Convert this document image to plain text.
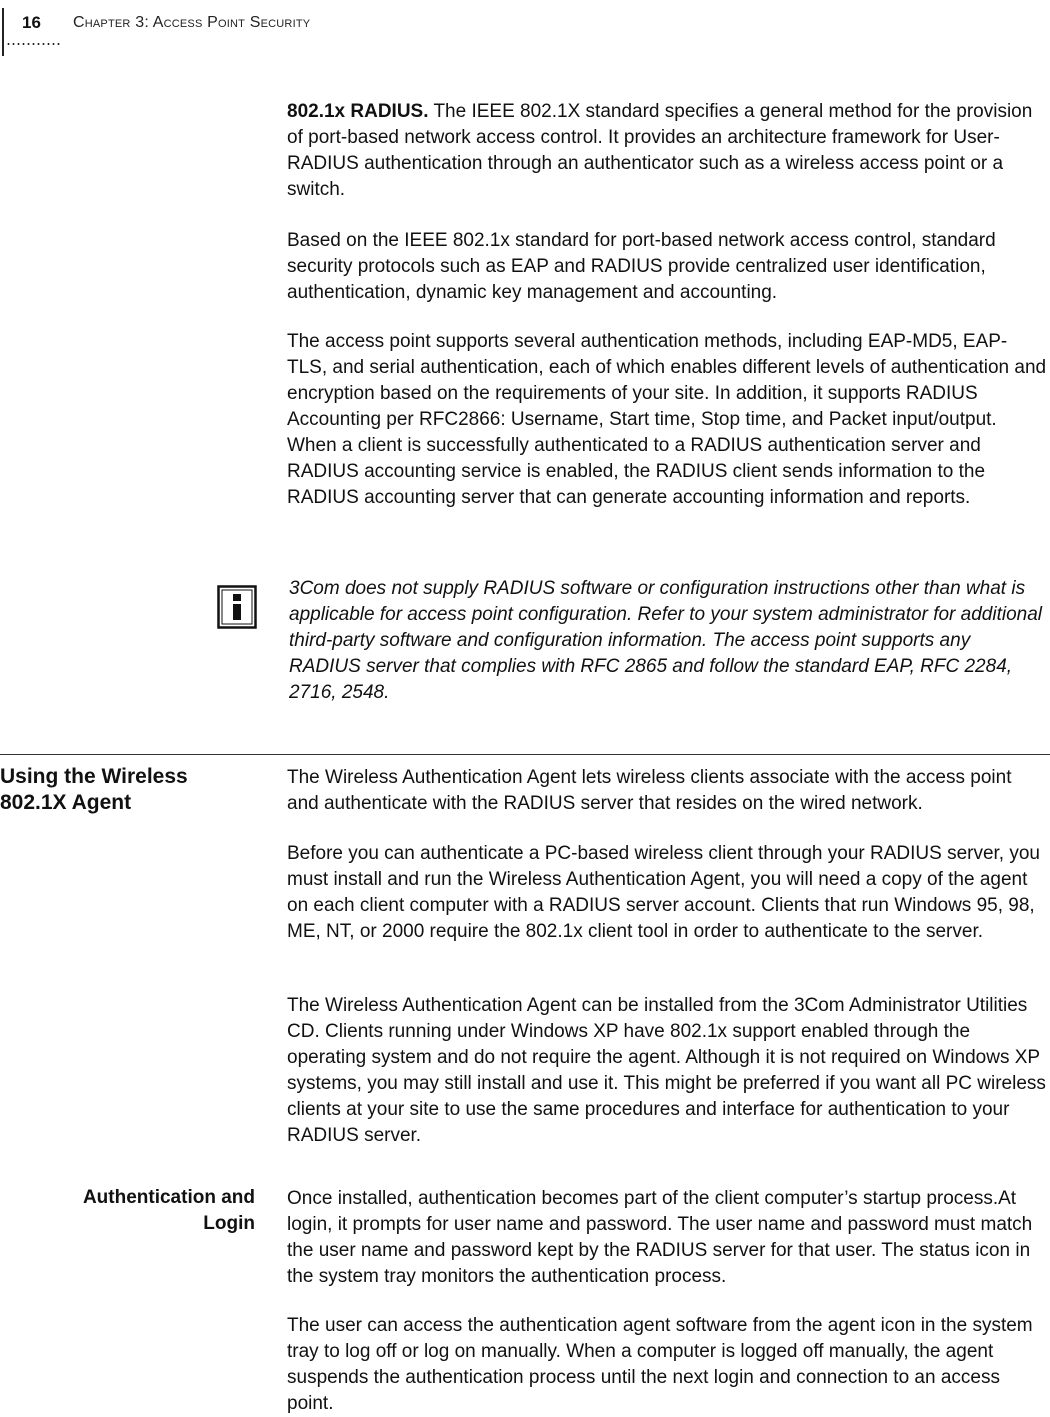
16 Chapter 3: Access Point Security

802.1x RADIUS. The IEEE 802.1X standard specifies a general method for the provision of port-based network access control. It provides an architecture framework for User-RADIUS authentication through an authenticator such as a wireless access point or a switch.

Based on the IEEE 802.1x standard for port-based network access control, standard security protocols such as EAP and RADIUS provide centralized user identification, authentication, dynamic key management and accounting.

The access point supports several authentication methods, including EAP-MD5, EAP-TLS, and serial authentication, each of which enables different levels of authentication and encryption based on the requirements of your site. In addition, it supports RADIUS Accounting per RFC2866: Username, Start time, Stop time, and Packet input/output. When a client is successfully authenticated to a RADIUS authentication server and RADIUS accounting service is enabled, the RADIUS client sends information to the RADIUS accounting server that can generate accounting information and reports.

3Com does not supply RADIUS software or configuration instructions other than what is applicable for access point configuration. Refer to your system administrator for additional third-party software and configuration information. The access point supports any RADIUS server that complies with RFC 2865 and follow the standard EAP, RFC 2284, 2716, 2548.

Using the Wireless 802.1X Agent

The Wireless Authentication Agent lets wireless clients associate with the access point and authenticate with the RADIUS server that resides on the wired network.

Before you can authenticate a PC-based wireless client through your RADIUS server, you must install and run the Wireless Authentication Agent, you will need a copy of the agent on each client computer with a RADIUS server account. Clients that run Windows 95, 98, ME, NT, or 2000 require the 802.1x client tool in order to authenticate to the server.

The Wireless Authentication Agent can be installed from the 3Com Administrator Utilities CD. Clients running under Windows XP have 802.1x support enabled through the operating system and do not require the agent. Although it is not required on Windows XP systems, you may still install and use it. This might be preferred if you want all PC wireless clients at your site to use the same procedures and interface for authentication to your RADIUS server.

Authentication and Login

Once installed, authentication becomes part of the client computer’s startup process.At login, it prompts for user name and password. The user name and password must match the user name and password kept by the RADIUS server for that user. The status icon in the system tray monitors the authentication process.

The user can access the authentication agent software from the agent icon in the system tray to log off or log on manually. When a computer is logged off manually, the agent suspends the authentication process until the next login and connection to an access point.
